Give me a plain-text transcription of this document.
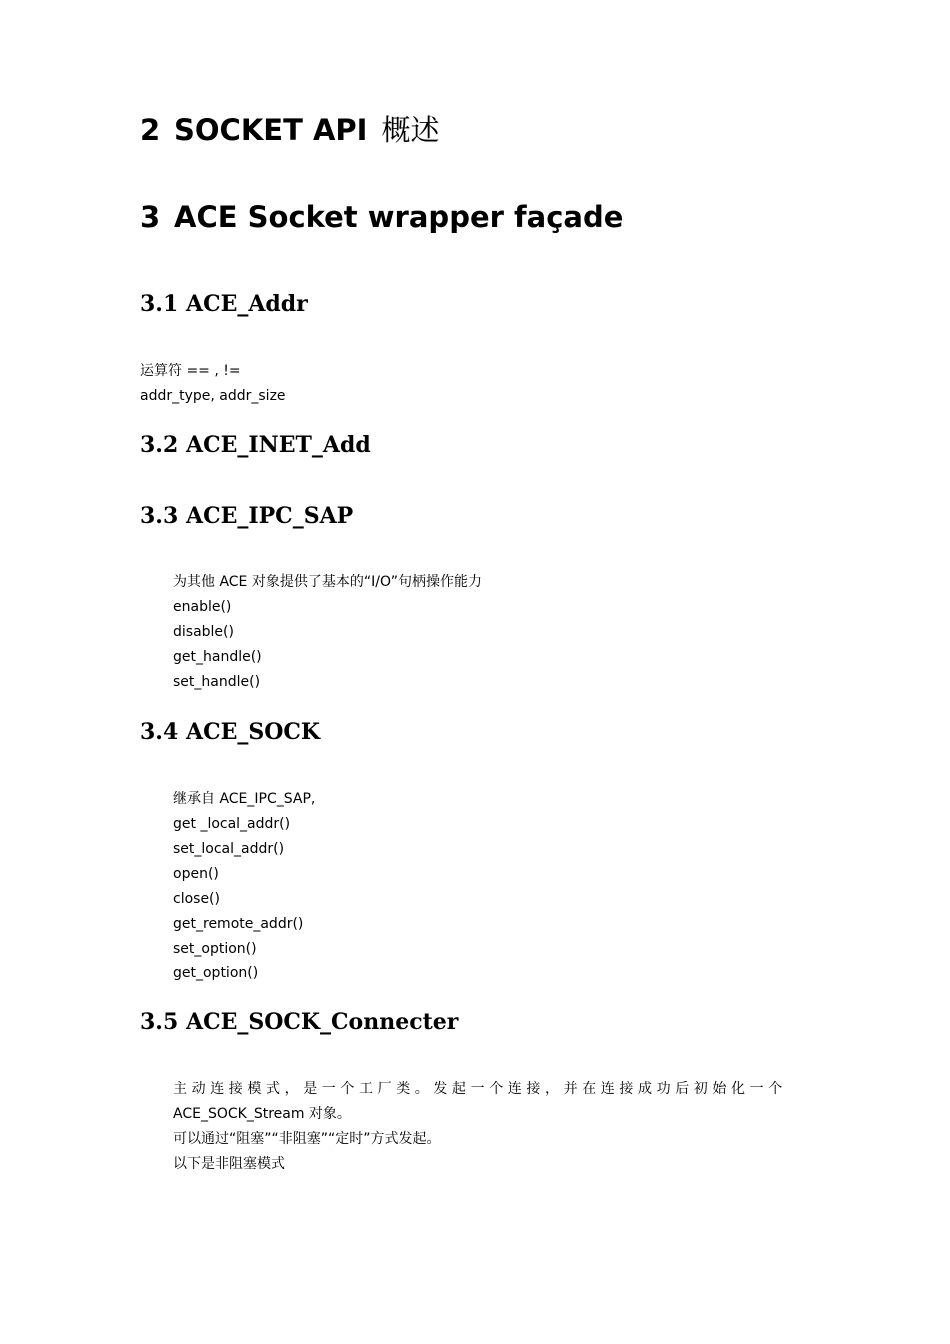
2 SOCKET API 概述
3 ACE Socket wrapper façade
3.1 ACE_Addr
运算符 == , !=
addr_type, addr_size
3.2 ACE_INET_Add
3.3 ACE_IPC_SAP
为其他 ACE 对象提供了基本的“I/O”句柄操作能力
enable()
disable()
get_handle()
set_handle()
3.4 ACE_SOCK
继承自 ACE_IPC_SAP,
get _local_addr()
set_local_addr()
open()
close()
get_remote_addr()
set_option()
get_option()
3.5 ACE_SOCK_Connecter
主动连接模式，是一个工厂类。发起一个连接，并在连接成功后初始化一个
ACE_SOCK_Stream 对象。
可以通过“阻塞”“非阻塞”“定时”方式发起。
以下是非阻塞模式
